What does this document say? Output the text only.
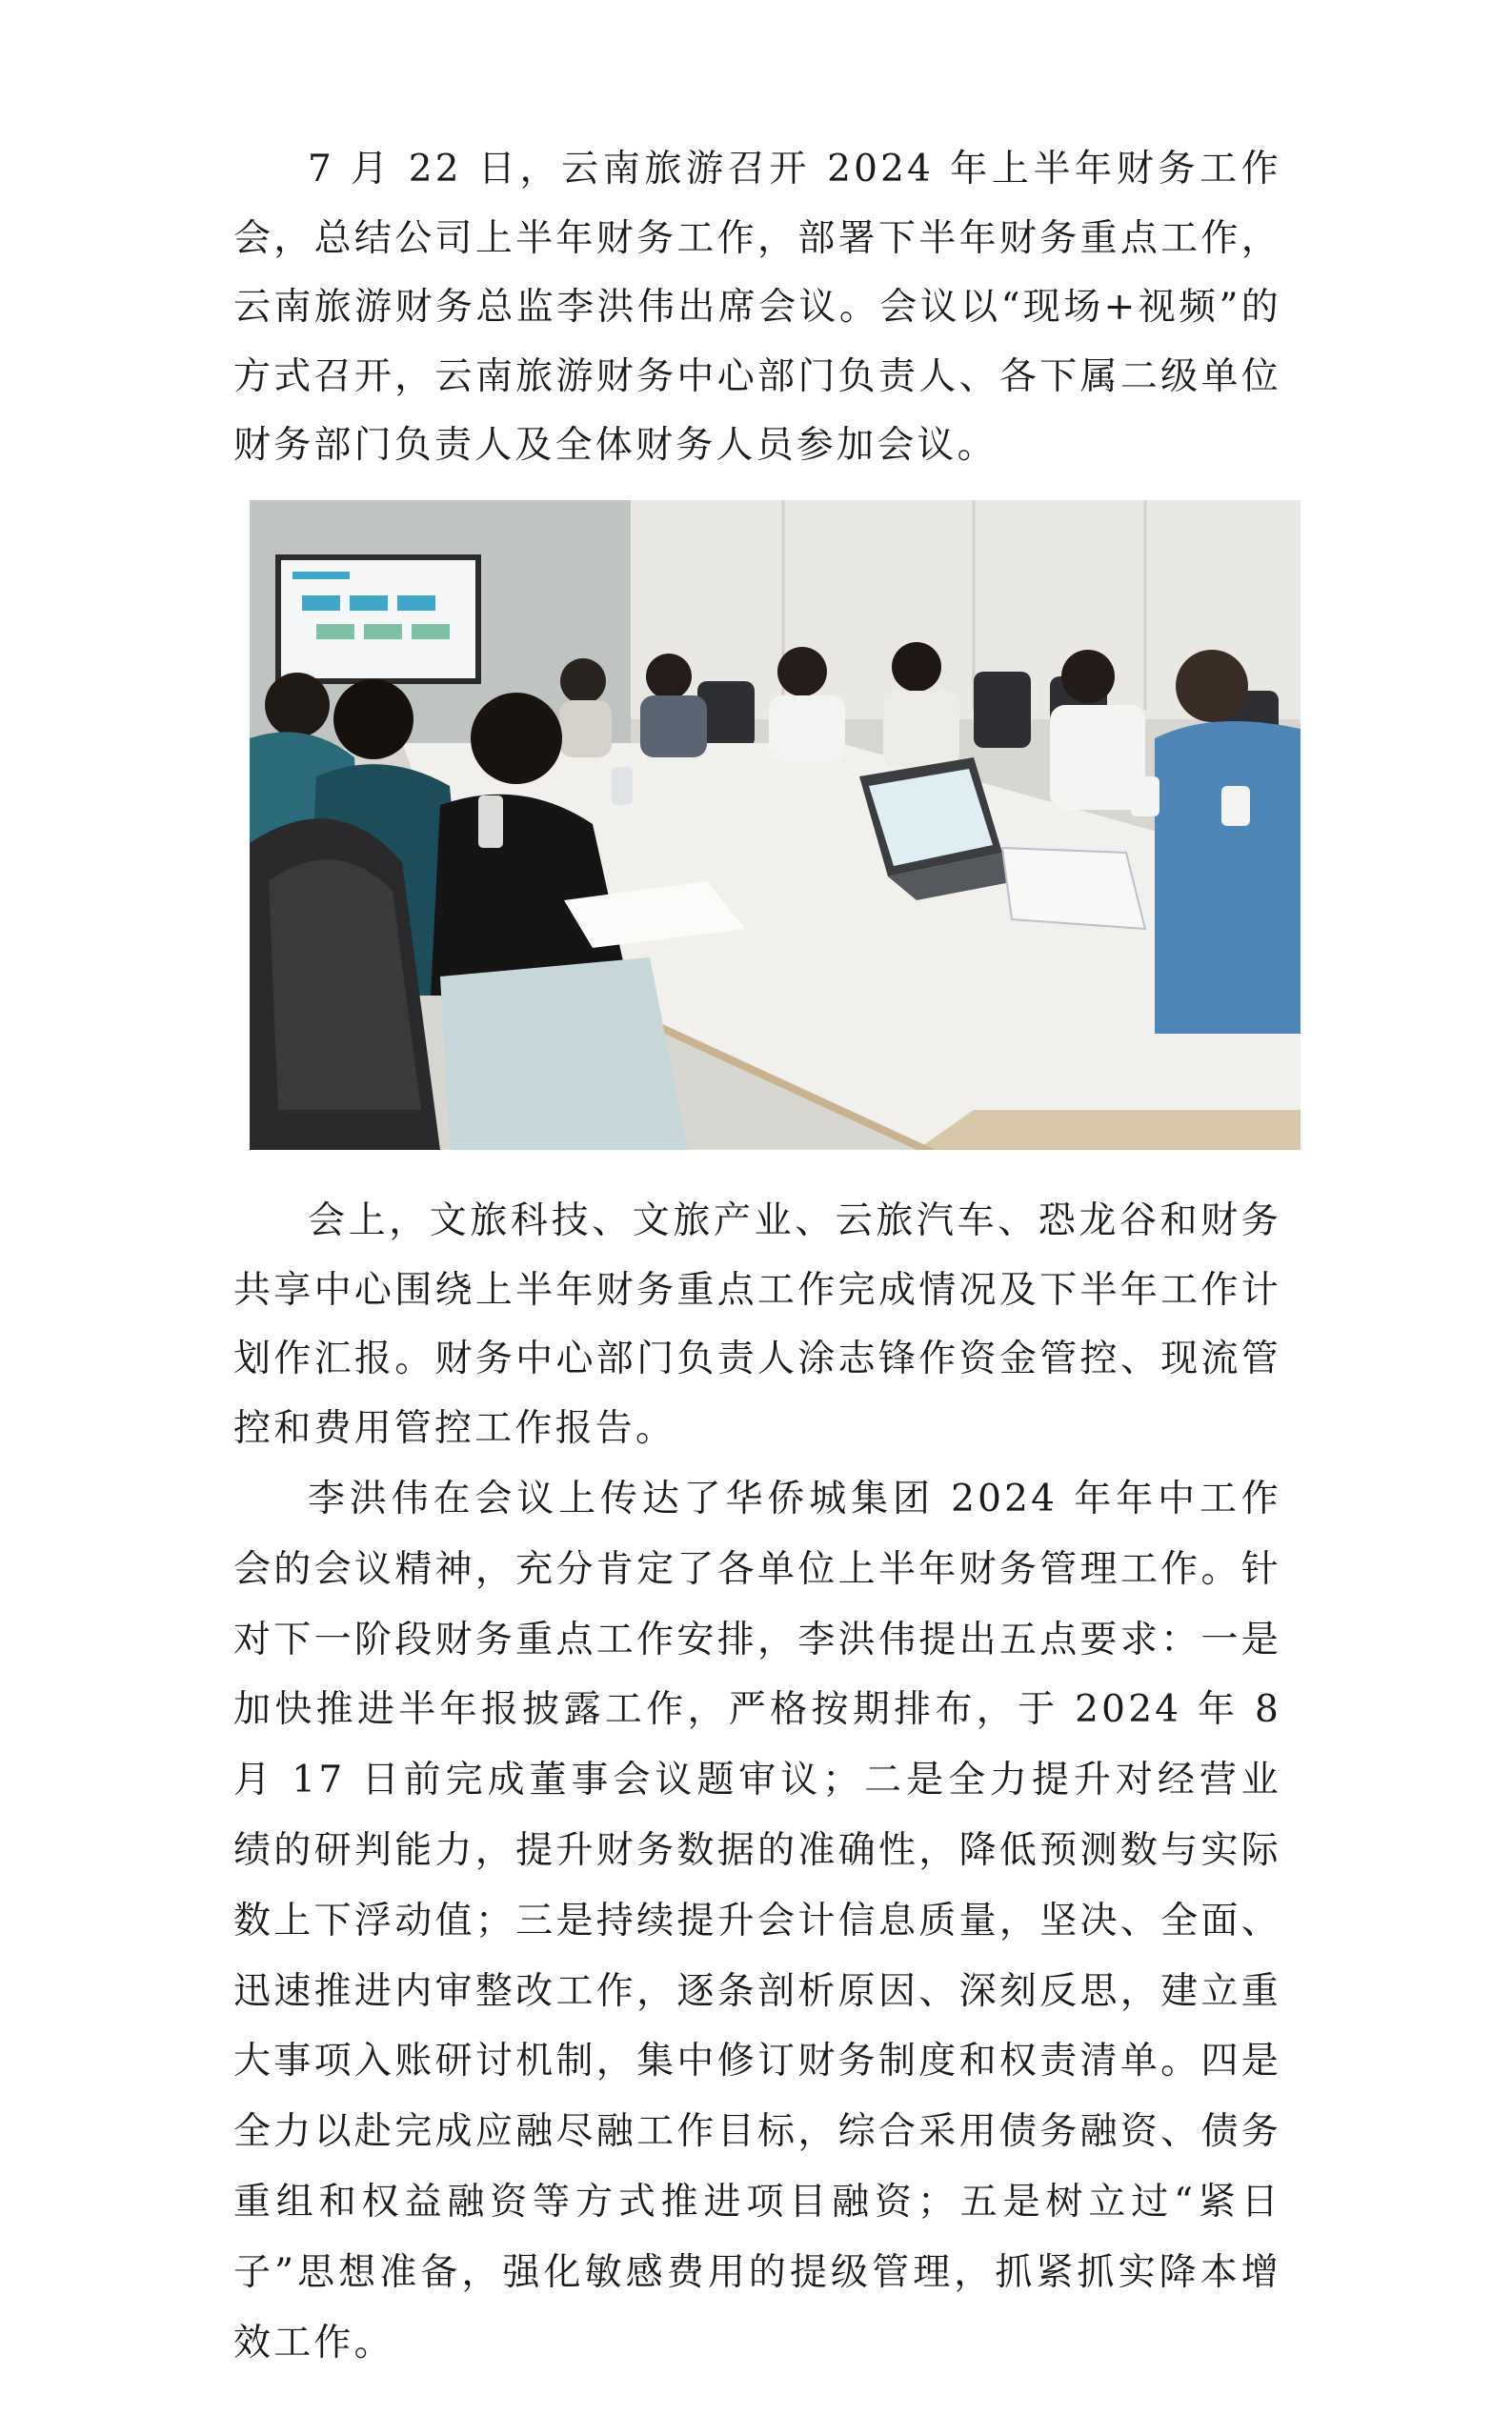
7 月 22 日，云南旅游召开 2024 年上半年财务工作会，总结公司上半年财务工作，部署下半年财务重点工作，云南旅游财务总监李洪伟出席会议。会议以“现场+视频”的方式召开，云南旅游财务中心部门负责人、各下属二级单位财务部门负责人及全体财务人员参加会议。

会上，文旅科技、文旅产业、云旅汽车、恐龙谷和财务共享中心围绕上半年财务重点工作完成情况及下半年工作计划作汇报。财务中心部门负责人涂志锋作资金管控、现流管控和费用管控工作报告。

李洪伟在会议上传达了华侨城集团 2024 年年中工作会的会议精神，充分肯定了各单位上半年财务管理工作。针对下一阶段财务重点工作安排，李洪伟提出五点要求：一是加快推进半年报披露工作，严格按期排布，于 2024 年 8 月 17 日前完成董事会议题审议；二是全力提升对经营业绩的研判能力，提升财务数据的准确性，降低预测数与实际数上下浮动值；三是持续提升会计信息质量，坚决、全面、迅速推进内审整改工作，逐条剖析原因、深刻反思，建立重大事项入账研讨机制，集中修订财务制度和权责清单。四是全力以赴完成应融尽融工作目标，综合采用债务融资、债务重组和权益融资等方式推进项目融资；五是树立过“紧日子”思想准备，强化敏感费用的提级管理，抓紧抓实降本增效工作。
